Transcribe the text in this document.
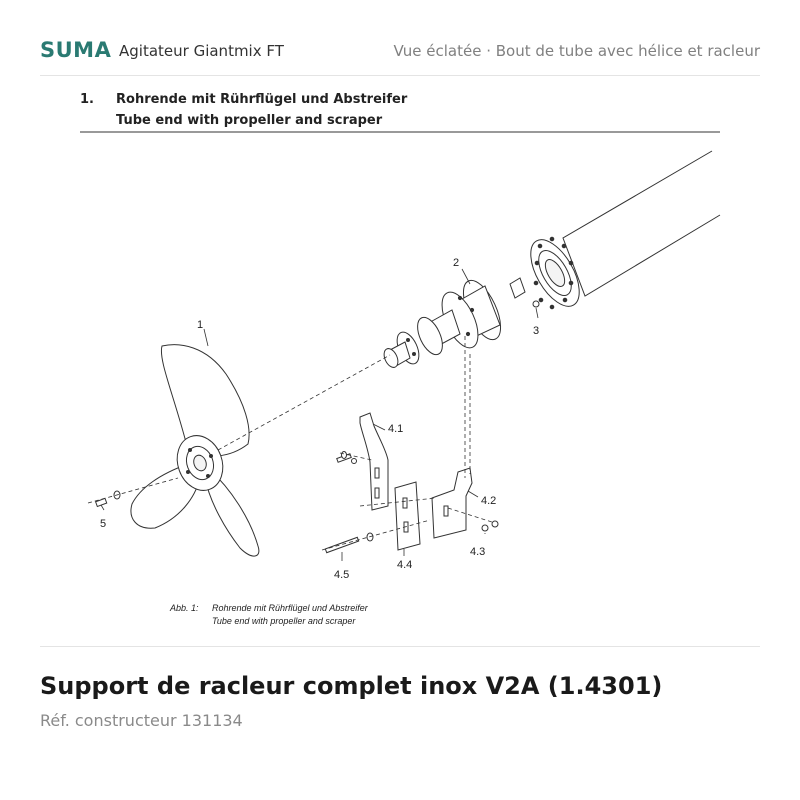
SUMA Agitateur Giantmix FT	Vue éclatée · Bout de tube avec hélice et racleur
1. Rohrende mit Rührflügel und Abstreifer
Tube end with propeller and scraper
1
2
3
4.1
4.2
4.3
4.4
4.5
5
Abb. 1: Rohrende mit Rührflügel und Abstreifer
Tube end with propeller and scraper
Support de racleur complet inox V2A (1.4301)
Réf. constructeur 131134
